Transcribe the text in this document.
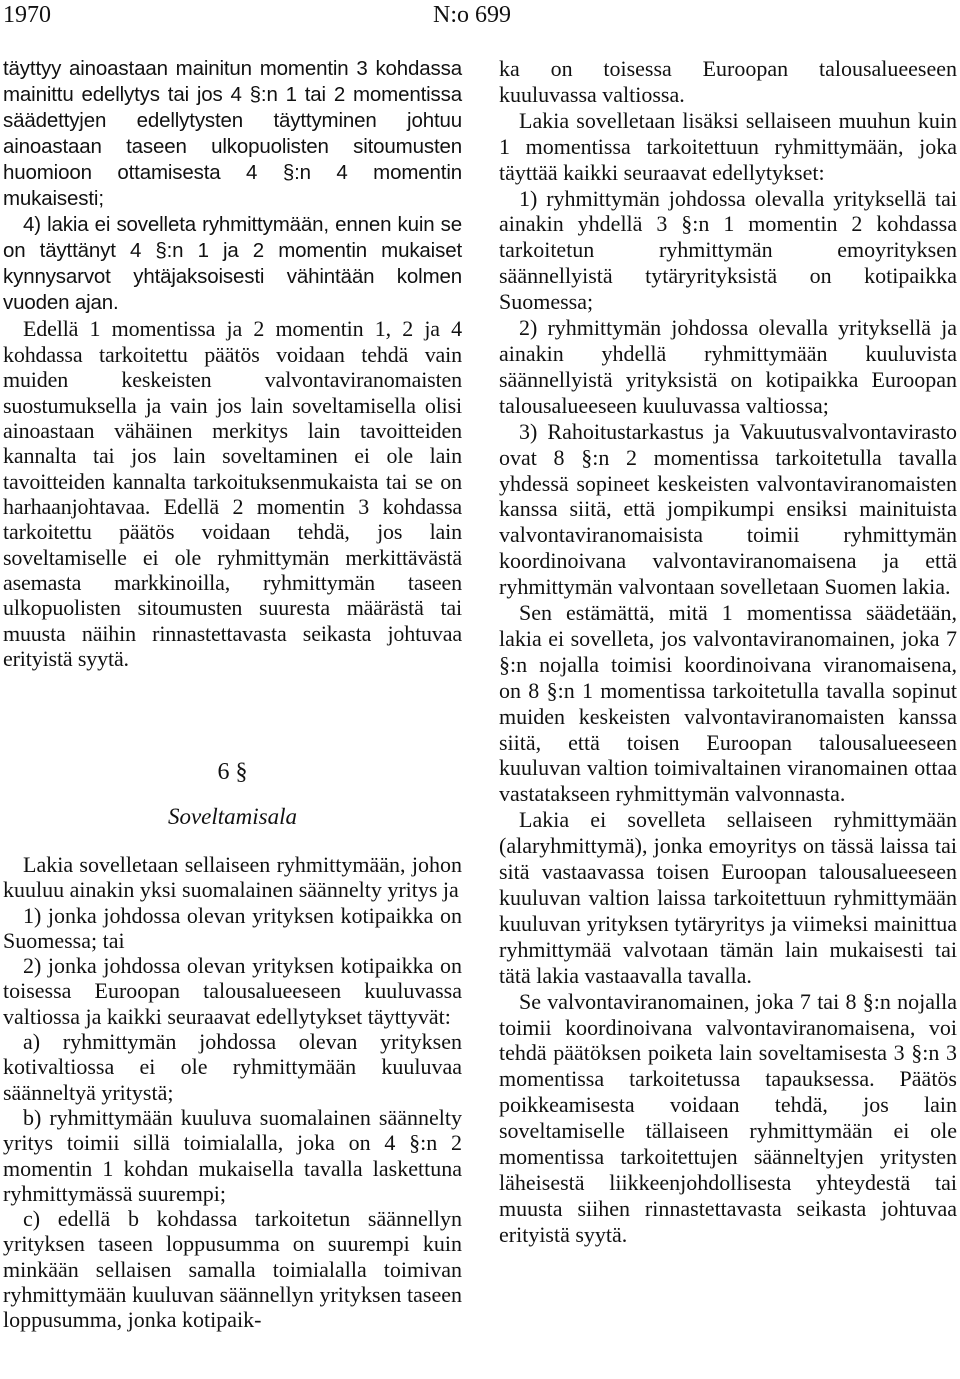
1970	N:o 699

täyttyy ainoastaan mainitun momentin 3 kohdassa mainittu edellytys tai jos 4 §:n 1 tai 2 momentissa säädettyjen edellytysten täyttyminen johtuu ainoastaan taseen ulkopuolisten sitoumusten huomioon ottamisesta 4 §:n 4 momentin mukaisesti;

4) lakia ei sovelleta ryhmittymään, ennen kuin se on täyttänyt 4 §:n 1 ja 2 momentin mukaiset kynnysarvot yhtäjaksoisesti vähintään kolmen vuoden ajan.

Edellä 1 momentissa ja 2 momentin 1, 2 ja 4 kohdassa tarkoitettu päätös voidaan tehdä vain muiden keskeisten valvontaviranomaisten suostumuksella ja vain jos lain soveltamisella olisi ainoastaan vähäinen merkitys lain tavoitteiden kannalta tai jos lain soveltaminen ei ole lain tavoitteiden kannalta tarkoituksenmukaista tai se on harhaanjohtavaa. Edellä 2 momentin 3 kohdassa tarkoitettu päätös voidaan tehdä, jos lain soveltamiselle ei ole ryhmittymän merkittävästä asemasta markkinoilla, ryhmittymän taseen ulkopuolisten sitoumusten suuresta määrästä tai muusta näihin rinnastettavasta seikasta johtuvaa erityistä syytä.

6 §
Soveltamisala

Lakia sovelletaan sellaiseen ryhmittymään, johon kuuluu ainakin yksi suomalainen säännelty yritys ja

1) jonka johdossa olevan yrityksen kotipaikka on Suomessa; tai

2) jonka johdossa olevan yrityksen kotipaikka on toisessa Euroopan talousalueeseen kuuluvassa valtiossa ja kaikki seuraavat edellytykset täyttyvät:

a) ryhmittymän johdossa olevan yrityksen kotivaltiossa ei ole ryhmittymään kuuluvaa säänneltyä yritystä;

b) ryhmittymään kuuluva suomalainen säännelty yritys toimii sillä toimialalla, joka on 4 §:n 2 momentin 1 kohdan mukaisella tavalla laskettuna ryhmittymässä suurempi;

c) edellä b kohdassa tarkoitetun säännellyn yrityksen taseen loppusumma on suurempi kuin minkään sellaisen samalla toimialalla toimivan ryhmittymään kuuluvan säännellyn yrityksen taseen loppusumma, jonka kotipaik-

ka on toisessa Euroopan talousalueeseen kuuluvassa valtiossa.

Lakia sovelletaan lisäksi sellaiseen muuhun kuin 1 momentissa tarkoitettuun ryhmittymään, joka täyttää kaikki seuraavat edellytykset:

1) ryhmittymän johdossa olevalla yrityksellä tai ainakin yhdellä 3 §:n 1 momentin 2 kohdassa tarkoitetun ryhmittymän emoyrityksen säännellyistä tytäryrityksistä on kotipaikka Suomessa;

2) ryhmittymän johdossa olevalla yrityksellä ja ainakin yhdellä ryhmittymään kuuluvista säännellyistä yrityksistä on kotipaikka Euroopan talousalueeseen kuuluvassa valtiossa;

3) Rahoitustarkastus ja Vakuutusvalvontavirasto ovat 8 §:n 2 momentissa tarkoitetulla tavalla yhdessä sopineet keskeisten valvontaviranomaisten kanssa siitä, että jompikumpi ensiksi mainituista valvontaviranomaisista toimii ryhmittymän koordinoivana valvontaviranomaisena ja että ryhmittymän valvontaan sovelletaan Suomen lakia.

Sen estämättä, mitä 1 momentissa säädetään, lakia ei sovelleta, jos valvontaviranomainen, joka 7 §:n nojalla toimisi koordinoivana viranomaisena, on 8 §:n 1 momentissa tarkoitetulla tavalla sopinut muiden keskeisten valvontaviranomaisten kanssa siitä, että toisen Euroopan talousalueeseen kuuluvan valtion toimivaltainen viranomainen ottaa vastatakseen ryhmittymän valvonnasta.

Lakia ei sovelleta sellaiseen ryhmittymään (alaryhmittymä), jonka emoyritys on tässä laissa tai sitä vastaavassa toisen Euroopan talousalueeseen kuuluvan valtion laissa tarkoitettuun ryhmittymään kuuluvan yrityksen tytäryritys ja viimeksi mainittua ryhmittymää valvotaan tämän lain mukaisesti tai tätä lakia vastaavalla tavalla.

Se valvontaviranomainen, joka 7 tai 8 §:n nojalla toimii koordinoivana valvontaviranomaisena, voi tehdä päätöksen poiketa lain soveltamisesta 3 §:n 3 momentissa tarkoitetussa tapauksessa. Päätös poikkeamisesta voidaan tehdä, jos lain soveltamiselle tällaiseen ryhmittymään ei ole momentissa tarkoitettujen säänneltyjen yritysten läheisestä liikkeenjohdollisesta yhteydestä tai muusta siihen rinnastettavasta seikasta johtuvaa erityistä syytä.
